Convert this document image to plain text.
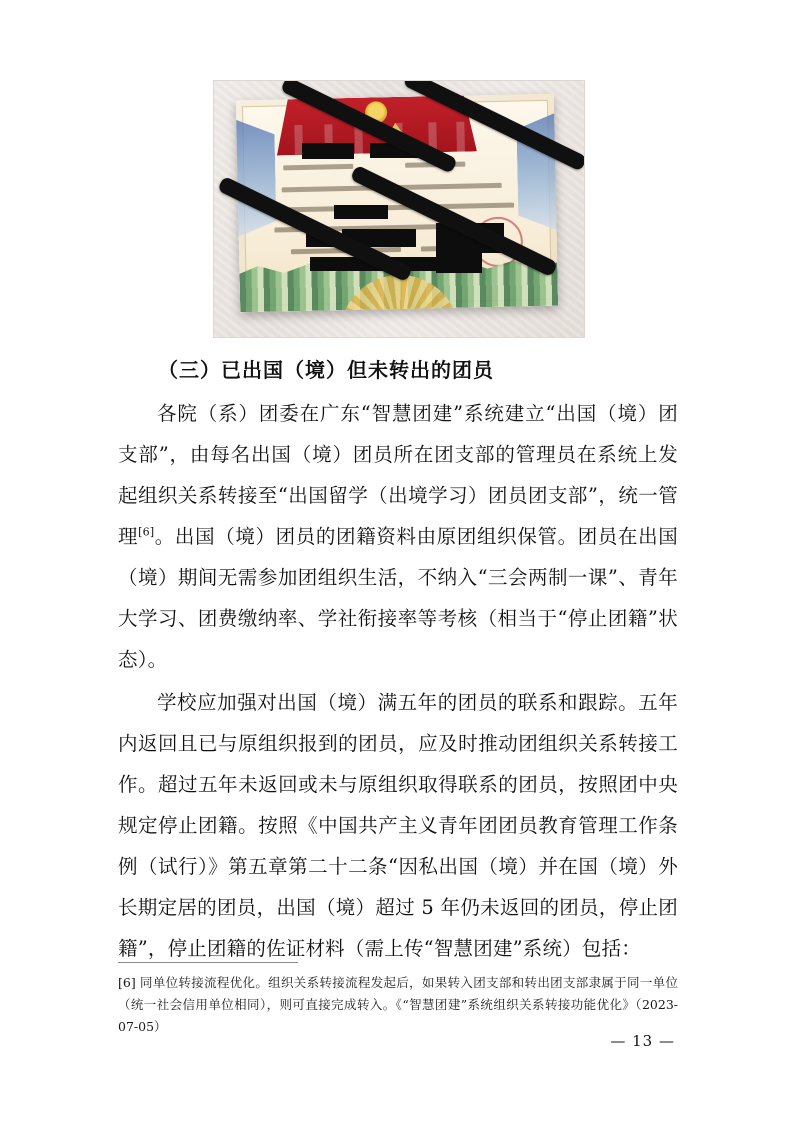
（三）已出国（境）但未转出的团员

各院（系）团委在广东“智慧团建”系统建立“出国（境）团支部”，由每名出国（境）团员所在团支部的管理员在系统上发起组织关系转接至“出国留学（出境学习）团员团支部”，统一管理[6]。出国（境）团员的团籍资料由原团组织保管。团员在出国（境）期间无需参加团组织生活，不纳入“三会两制一课”、青年大学习、团费缴纳率、学社衔接率等考核（相当于“停止团籍”状态）。

学校应加强对出国（境）满五年的团员的联系和跟踪。五年内返回且已与原组织报到的团员，应及时推动团组织关系转接工作。超过五年未返回或未与原组织取得联系的团员，按照团中央规定停止团籍。按照《中国共产主义青年团团员教育管理工作条例（试行）》第五章第二十二条“因私出国（境）并在国（境）外长期定居的团员，出国（境）超过 5 年仍未返回的团员，停止团籍”，停止团籍的佐证材料（需上传“智慧团建”系统）包括：

[6] 同单位转接流程优化。组织关系转接流程发起后，如果转入团支部和转出团支部隶属于同一单位（统一社会信用单位相同），则可直接完成转入。《“智慧团建”系统组织关系转接功能优化》（2023-07-05）
— 13 —
